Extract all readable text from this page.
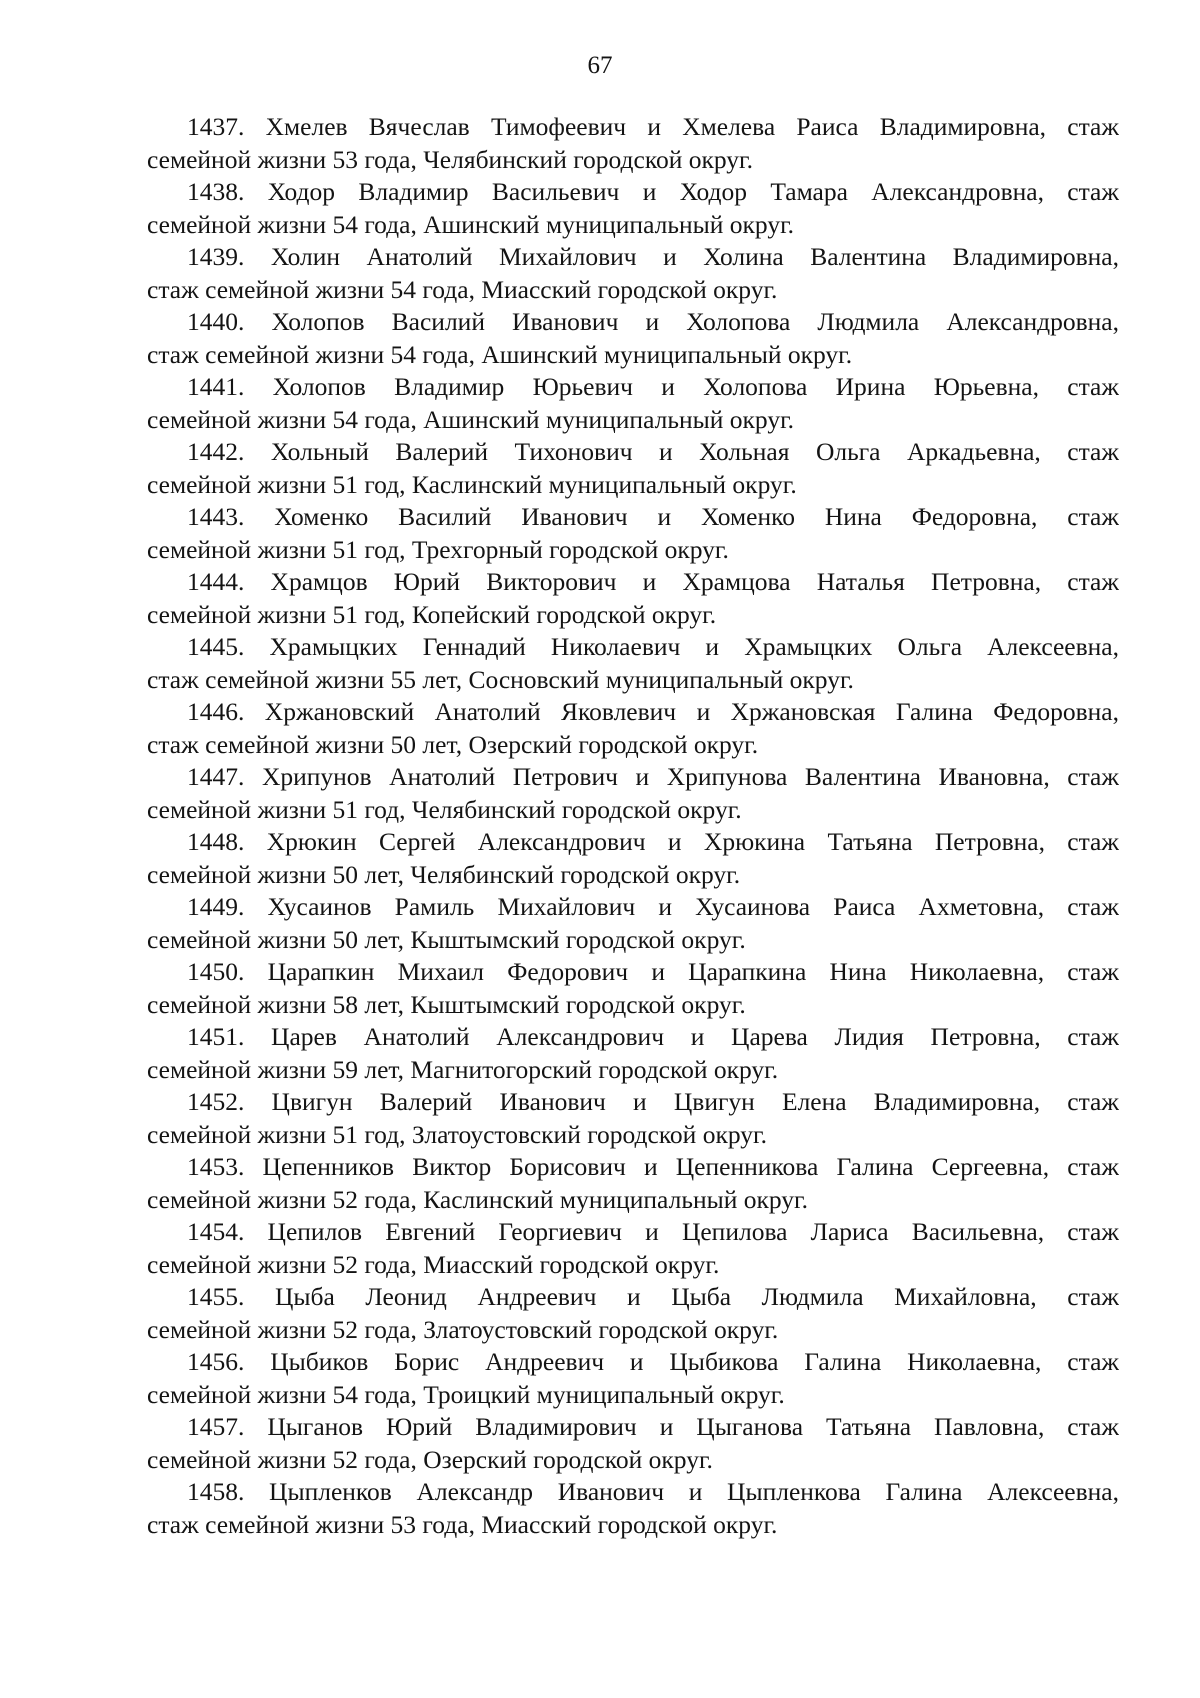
67
1437. Хмелев Вячеслав Тимофеевич и Хмелева Раиса Владимировна, стаж
семейной жизни 53 года, Челябинский городской округ.
1438. Ходор Владимир Васильевич и Ходор Тамара Александровна, стаж
семейной жизни 54 года, Ашинский муниципальный округ.
1439. Холин Анатолий Михайлович и Холина Валентина Владимировна,
стаж семейной жизни 54 года, Миасский городской округ.
1440. Холопов Василий Иванович и Холопова Людмила Александровна,
стаж семейной жизни 54 года, Ашинский муниципальный округ.
1441. Холопов Владимир Юрьевич и Холопова Ирина Юрьевна, стаж
семейной жизни 54 года, Ашинский муниципальный округ.
1442. Хольный Валерий Тихонович и Хольная Ольга Аркадьевна, стаж
семейной жизни 51 год, Каслинский муниципальный округ.
1443. Хоменко Василий Иванович и Хоменко Нина Федоровна, стаж
семейной жизни 51 год, Трехгорный городской округ.
1444. Храмцов Юрий Викторович и Храмцова Наталья Петровна, стаж
семейной жизни 51 год, Копейский городской округ.
1445. Храмыцких Геннадий Николаевич и Храмыцких Ольга Алексеевна,
стаж семейной жизни 55 лет, Сосновский муниципальный округ.
1446. Хржановский Анатолий Яковлевич и Хржановская Галина Федоровна,
стаж семейной жизни 50 лет, Озерский городской округ.
1447. Хрипунов Анатолий Петрович и Хрипунова Валентина Ивановна, стаж
семейной жизни 51 год, Челябинский городской округ.
1448. Хрюкин Сергей Александрович и Хрюкина Татьяна Петровна, стаж
семейной жизни 50 лет, Челябинский городской округ.
1449. Хусаинов Рамиль Михайлович и Хусаинова Раиса Ахметовна, стаж
семейной жизни 50 лет, Кыштымский городской округ.
1450. Царапкин Михаил Федорович и Царапкина Нина Николаевна, стаж
семейной жизни 58 лет, Кыштымский городской округ.
1451. Царев Анатолий Александрович и Царева Лидия Петровна, стаж
семейной жизни 59 лет, Магнитогорский городской округ.
1452. Цвигун Валерий Иванович и Цвигун Елена Владимировна, стаж
семейной жизни 51 год, Златоустовский городской округ.
1453. Цепенников Виктор Борисович и Цепенникова Галина Сергеевна, стаж
семейной жизни 52 года, Каслинский муниципальный округ.
1454. Цепилов Евгений Георгиевич и Цепилова Лариса Васильевна, стаж
семейной жизни 52 года, Миасский городской округ.
1455. Цыба Леонид Андреевич и Цыба Людмила Михайловна, стаж
семейной жизни 52 года, Златоустовский городской округ.
1456. Цыбиков Борис Андреевич и Цыбикова Галина Николаевна, стаж
семейной жизни 54 года, Троицкий муниципальный округ.
1457. Цыганов Юрий Владимирович и Цыганова Татьяна Павловна, стаж
семейной жизни 52 года, Озерский городской округ.
1458. Цыпленков Александр Иванович и Цыпленкова Галина Алексеевна,
стаж семейной жизни 53 года, Миасский городской округ.
